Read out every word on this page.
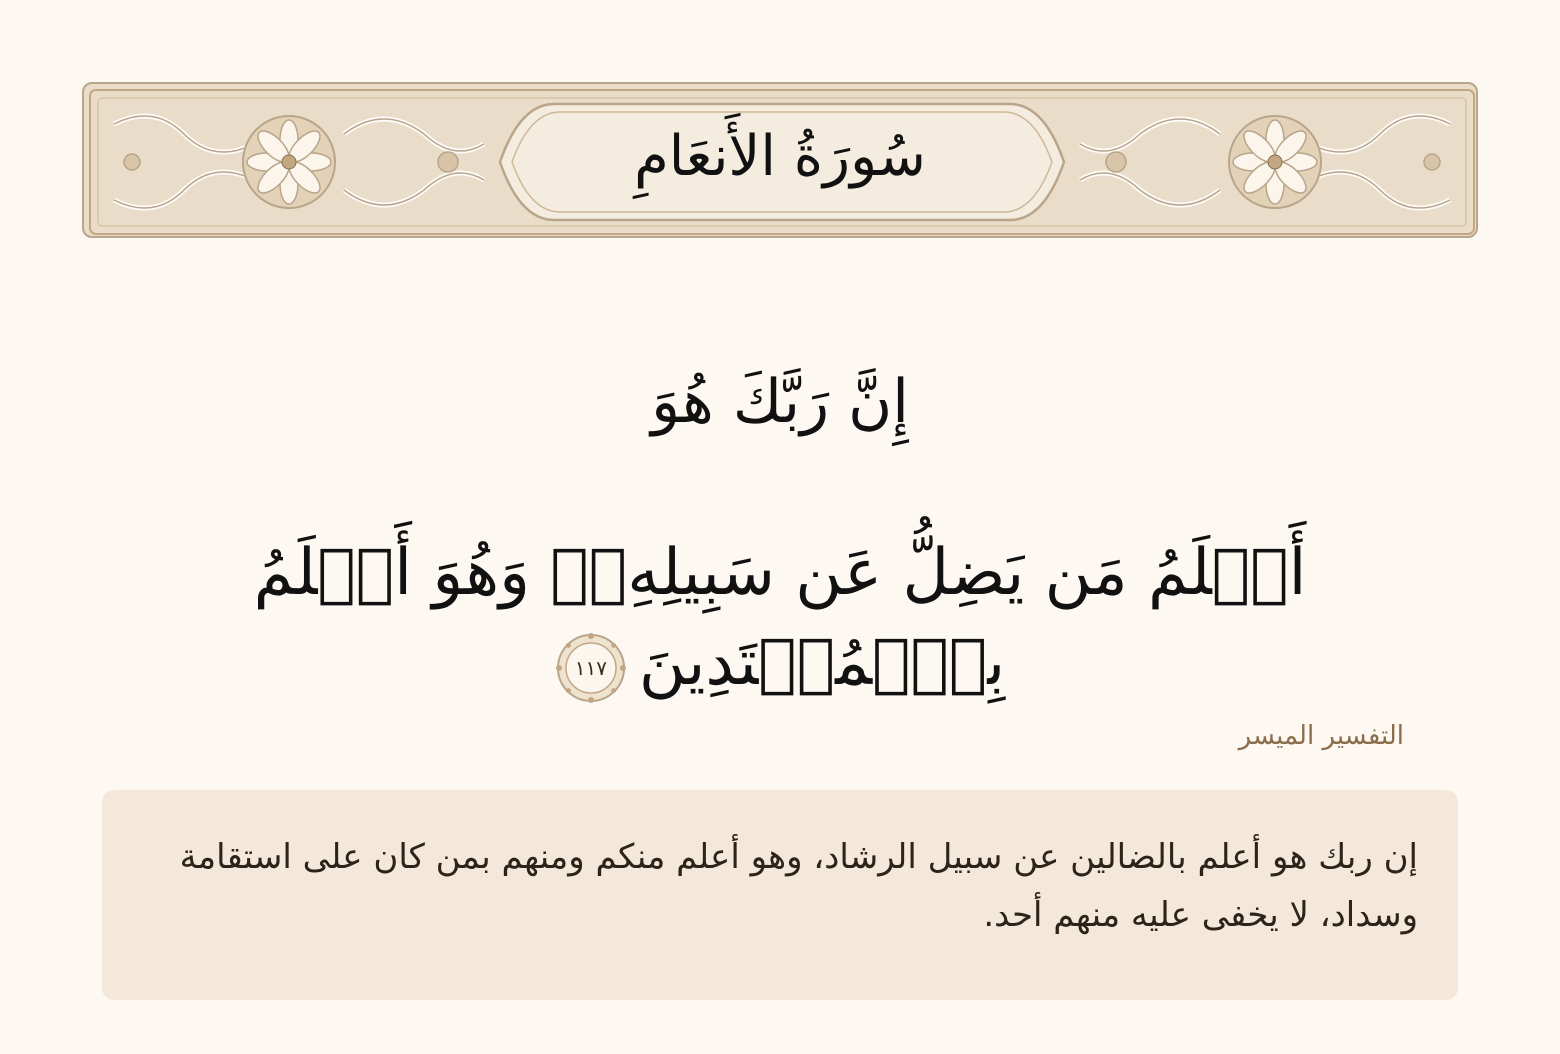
سُورَةُ الأَنعَامِ
إِنَّ رَبَّكَ هُوَ
أَعۡلَمُ مَن يَضِلُّ عَن سَبِيلِهِۦۖ وَهُوَ أَعۡلَمُ بِٱلۡمُهۡتَدِينَ
١١٧
التفسير الميسر

إن ربك هو أعلم بالضالين عن سبيل الرشاد، وهو أعلم منكم ومنهم بمن كان على استقامة وسداد، لا يخفى عليه منهم أحد.
